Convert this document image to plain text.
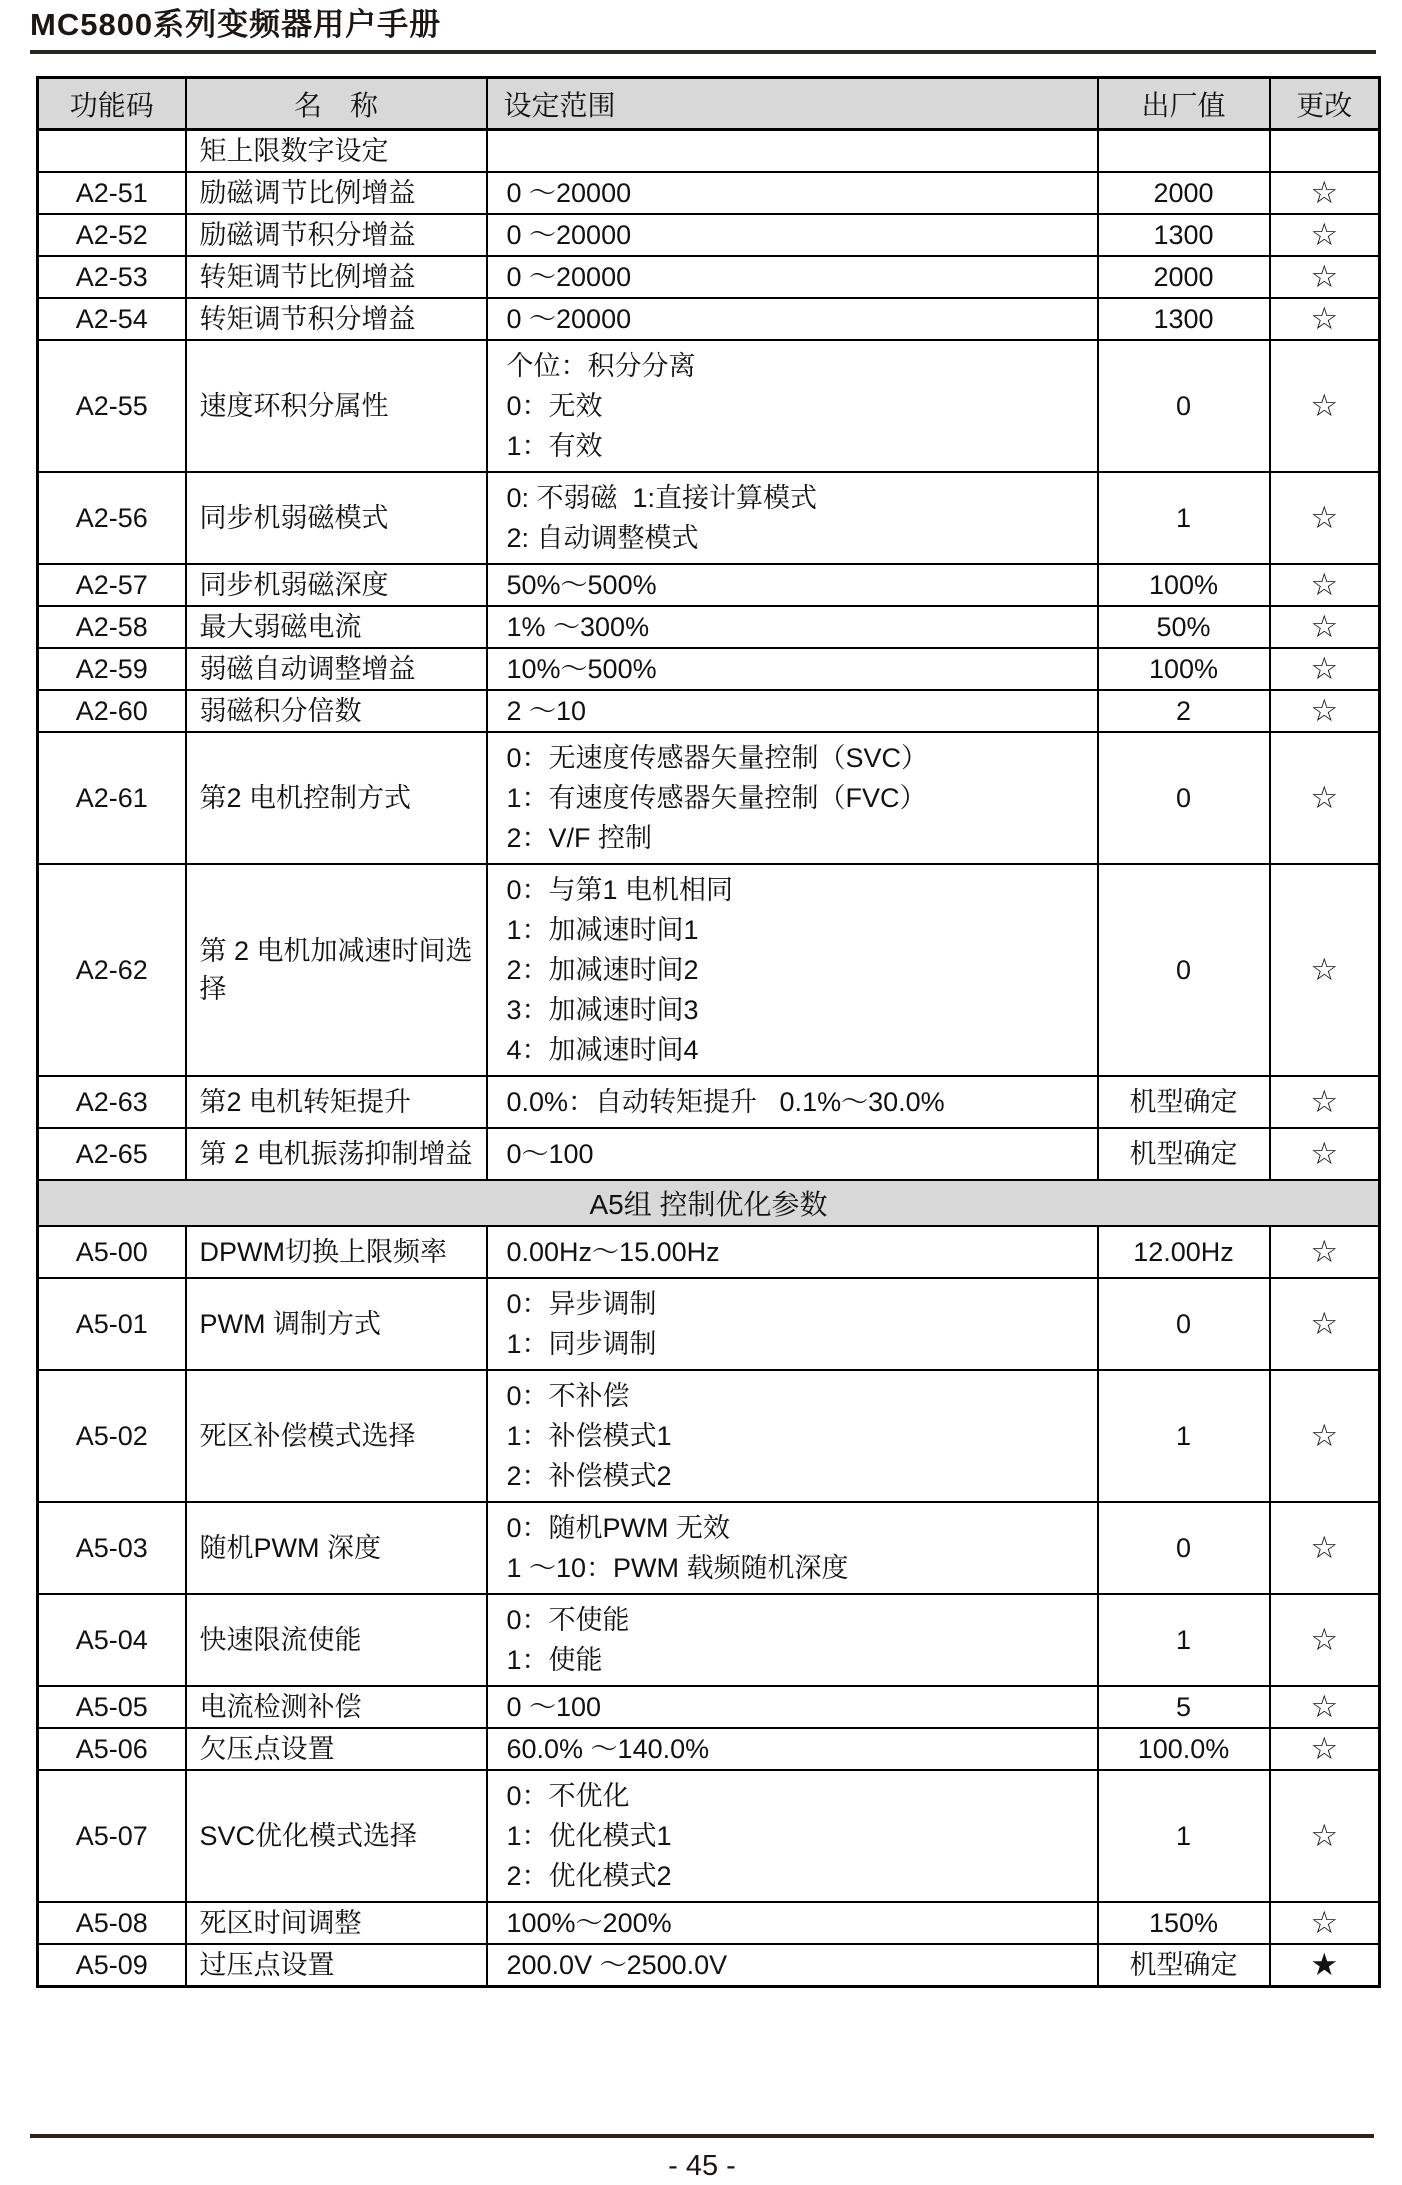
MC5800系列变频器用户手册
功能码	名　称	设定范围	出厂值	更改
	矩上限数字设定			
A2-51	励磁调节比例增益	0 ～20000	2000	☆
A2-52	励磁调节积分增益	0 ～20000	1300	☆
A2-53	转矩调节比例增益	0 ～20000	2000	☆
A2-54	转矩调节积分增益	0 ～20000	1300	☆
A2-55	速度环积分属性	个位：积分分离
0：无效
1：有效	0	☆
A2-56	同步机弱磁模式	0: 不弱磁  1:直接计算模式
2: 自动调整模式	1	☆
A2-57	同步机弱磁深度	50%～500%	100%	☆
A2-58	最大弱磁电流	1% ～300%	50%	☆
A2-59	弱磁自动调整增益	10%～500%	100%	☆
A2-60	弱磁积分倍数	2 ～10	2	☆
A2-61	第2 电机控制方式	0：无速度传感器矢量控制（SVC）
1：有速度传感器矢量控制（FVC）
2：V/F 控制	0	☆
A2-62	第 2 电机加减速时间选择	0：与第1 电机相同
1：加减速时间1
2：加减速时间2
3：加减速时间3
4：加减速时间4	0	☆
A2-63	第2 电机转矩提升	0.0%：自动转矩提升   0.1%～30.0%	机型确定	☆
A2-65	第 2 电机振荡抑制增益	0～100	机型确定	☆
A5组 控制优化参数				
A5-00	DPWM切换上限频率	0.00Hz～15.00Hz	12.00Hz	☆
A5-01	PWM 调制方式	0：异步调制
1：同步调制	0	☆
A5-02	死区补偿模式选择	0：不补偿
1：补偿模式1
2：补偿模式2	1	☆
A5-03	随机PWM 深度	0：随机PWM 无效
1 ～10：PWM 载频随机深度	0	☆
A5-04	快速限流使能	0：不使能
1：使能	1	☆
A5-05	电流检测补偿	0 ～100	5	☆
A5-06	欠压点设置	60.0% ～140.0%	100.0%	☆
A5-07	SVC优化模式选择	0：不优化
1：优化模式1
2：优化模式2	1	☆
A5-08	死区时间调整	100%～200%	150%	☆
A5-09	过压点设置	200.0V ～2500.0V	机型确定	★
- 45 -
